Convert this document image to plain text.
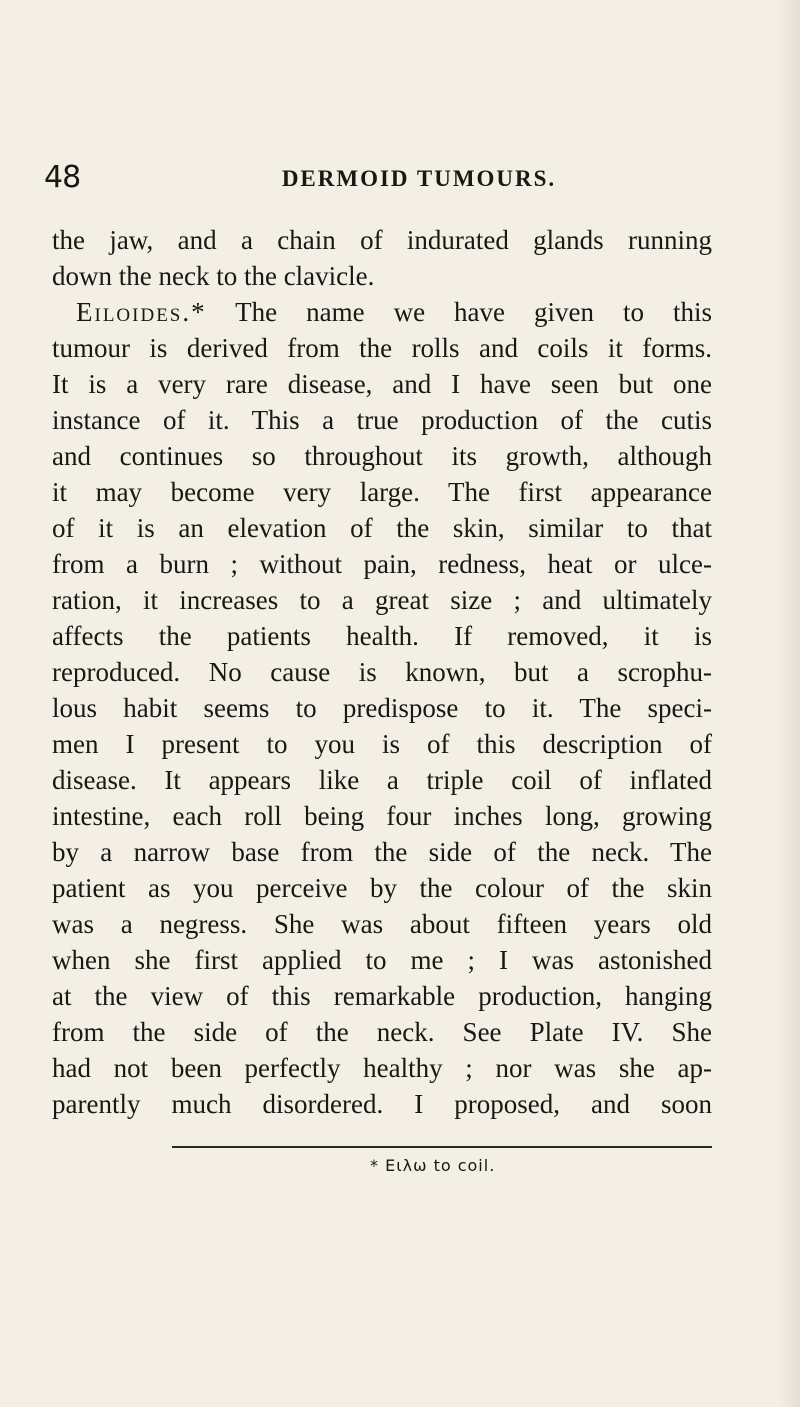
48	DERMOID TUMOURS.
the jaw, and a chain of indurated glands running
down the neck to the clavicle.
Eiloides.* The name we have given to this
tumour is derived from the rolls and coils it forms.
It is a very rare disease, and I have seen but one
instance of it. This a true production of the cutis
and continues so throughout its growth, although
it may become very large. The first appearance
of it is an elevation of the skin, similar to that
from a burn ; without pain, redness, heat or ulce-
ration, it increases to a great size ; and ultimately
affects the patients health. If removed, it is
reproduced. No cause is known, but a scrophu-
lous habit seems to predispose to it. The speci-
men I present to you is of this description of
disease. It appears like a triple coil of inflated
intestine, each roll being four inches long, growing
by a narrow base from the side of the neck. The
patient as you perceive by the colour of the skin
was a negress. She was about fifteen years old
when she first applied to me ; I was astonished
at the view of this remarkable production, hanging
from the side of the neck. See Plate IV. She
had not been perfectly healthy ; nor was she ap-
parently much disordered. I proposed, and soon
* Eιλω to coil.
